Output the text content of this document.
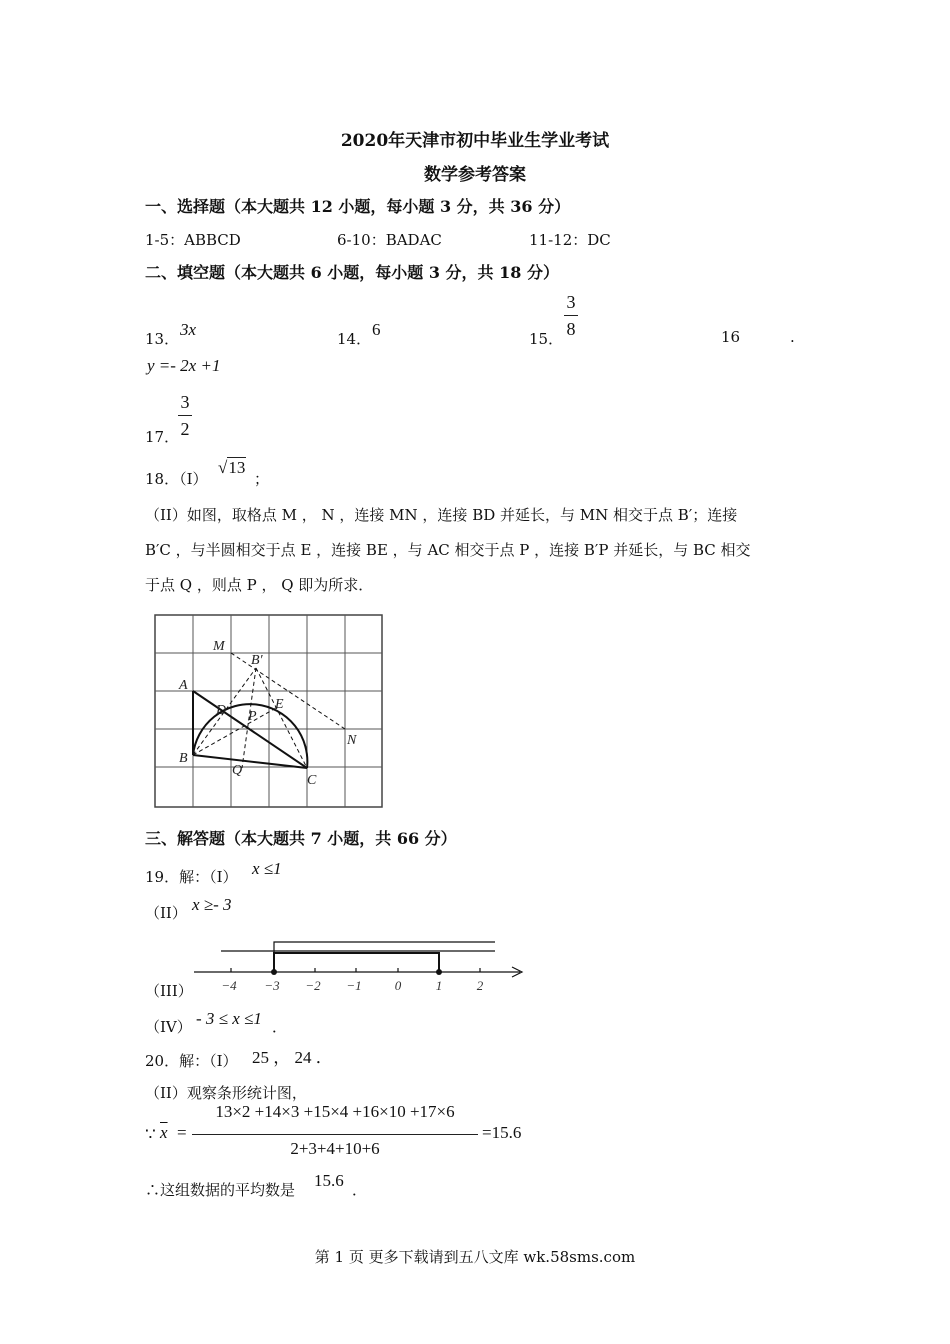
2020年天津市初中毕业生学业考试
数学参考答案
一、选择题（本大题共 12 小题，每小题 3 分，共 36 分）
1-5：ABBCD	6-10：BADAC	11-12：DC
二、填空题（本大题共 6 小题，每小题 3 分，共 18 分）
13． 3x	14． 6	15．
3
8	16	.
y =- 2x +1
17．
3
2
18．（I）
√13
；
（II）如图，取格点 M ， N ，连接 MN ，连接 BD 并延长，与 MN 相交于点 B′；连接
B′C ，与半圆相交于点 E ，连接 BE ，与 AC 相交于点 P ，连接 B′P 并延长，与 BC 相交
于点 Q ，则点 P ， Q 即为所求．
M
B′
A
D	E
P
N
B
Q
C
三、解答题（本大题共 7 小题，共 66 分）
19．解：（I） x ≤1
（II） x ≥- 3
−4 −3 −2 −1	0	1	2
（III）
（IV） - 3 ≤ x ≤1 ．
20．解：（I） 25 ， 24 ．
（II）观察条形统计图，
∵ $\overline{x}$ =
13×2 +14×3 +15×4 +16×10 +17×6
2+3+4+10+6
=15.6
∴这组数据的平均数是 15.6 ．
第 1 页 更多下载请到五八文库 wk.58sms.com
